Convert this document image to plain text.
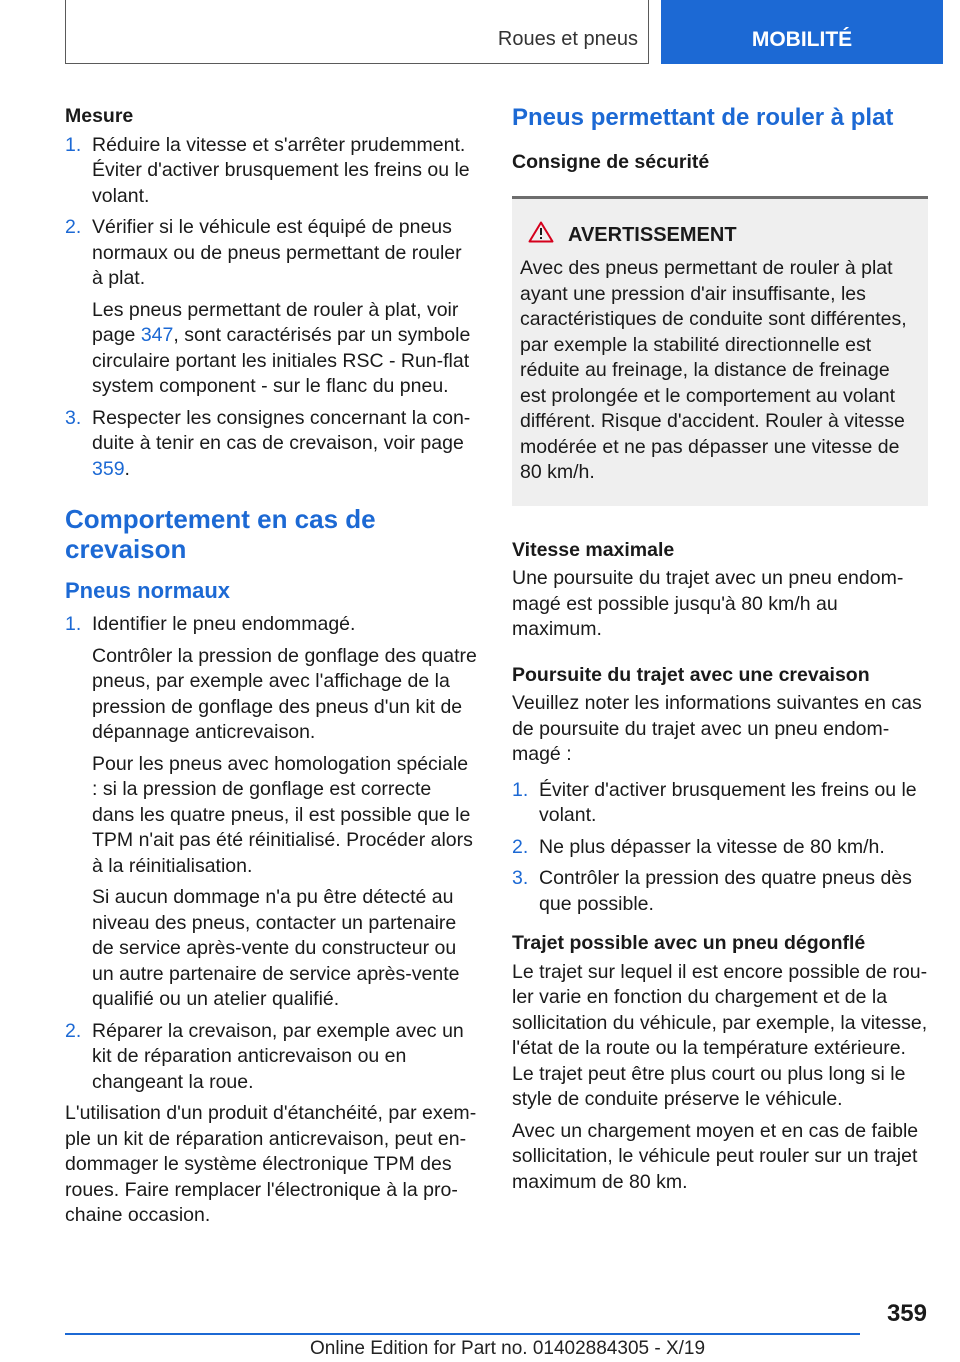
Roues et pneus	MOBILITÉ

Mesure

1. Réduire la vitesse et s'arrêter prudemment. Éviter d'activer brusquement les freins ou le volant.

2. Vérifier si le véhicule est équipé de pneus normaux ou de pneus permettant de rouler à plat.

Les pneus permettant de rouler à plat, voir page 347, sont caractérisés par un symbole circulaire portant les initiales RSC - Run-flat system component - sur le flanc du pneu.

3. Respecter les consignes concernant la conduite à tenir en cas de crevaison, voir page 359.

Comportement en cas de crevaison
Pneus normaux
1. Identifier le pneu endommagé.

Contrôler la pression de gonflage des quatre pneus, par exemple avec l'affichage de la pression de gonflage des pneus d'un kit de dépannage anticrevaison.

Pour les pneus avec homologation spéciale : si la pression de gonflage est correcte dans les quatre pneus, il est possible que le TPM n'ait pas été réinitialisé. Procéder alors à la réinitialisation.

Si aucun dommage n'a pu être détecté au niveau des pneus, contacter un partenaire de service après-vente du constructeur ou un autre partenaire de service après-vente qualifié ou un atelier qualifié.

2. Réparer la crevaison, par exemple avec un kit de réparation anticrevaison ou en changeant la roue.

L'utilisation d'un produit d'étanchéité, par exemple un kit de réparation anticrevaison, peut endommager le système électronique TPM des roues. Faire remplacer l'électronique à la prochaine occasion.

Pneus permettant de rouler à plat

Consigne de sécurité

AVERTISSEMENT

Avec des pneus permettant de rouler à plat ayant une pression d'air insuffisante, les caractéristiques de conduite sont différentes, par exemple la stabilité directionnelle est réduite au freinage, la distance de freinage est prolongée et le comportement au volant différent. Risque d'accident. Rouler à vitesse modérée et ne pas dépasser une vitesse de 80 km/h.

Vitesse maximale

Une poursuite du trajet avec un pneu endommagé est possible jusqu'à 80 km/h au maximum.

Poursuite du trajet avec une crevaison

Veuillez noter les informations suivantes en cas de poursuite du trajet avec un pneu endommagé :

1. Éviter d'activer brusquement les freins ou le volant.

2. Ne plus dépasser la vitesse de 80 km/h.

3. Contrôler la pression des quatre pneus dès que possible.

Trajet possible avec un pneu dégonflé

Le trajet sur lequel il est encore possible de rouler varie en fonction du chargement et de la sollicitation du véhicule, par exemple, la vitesse, l'état de la route ou la température extérieure. Le trajet peut être plus court ou plus long si le style de conduite préserve le véhicule.

Avec un chargement moyen et en cas de faible sollicitation, le véhicule peut rouler sur un trajet maximum de 80 km.

359
Online Edition for Part no. 01402884305 - X/19
